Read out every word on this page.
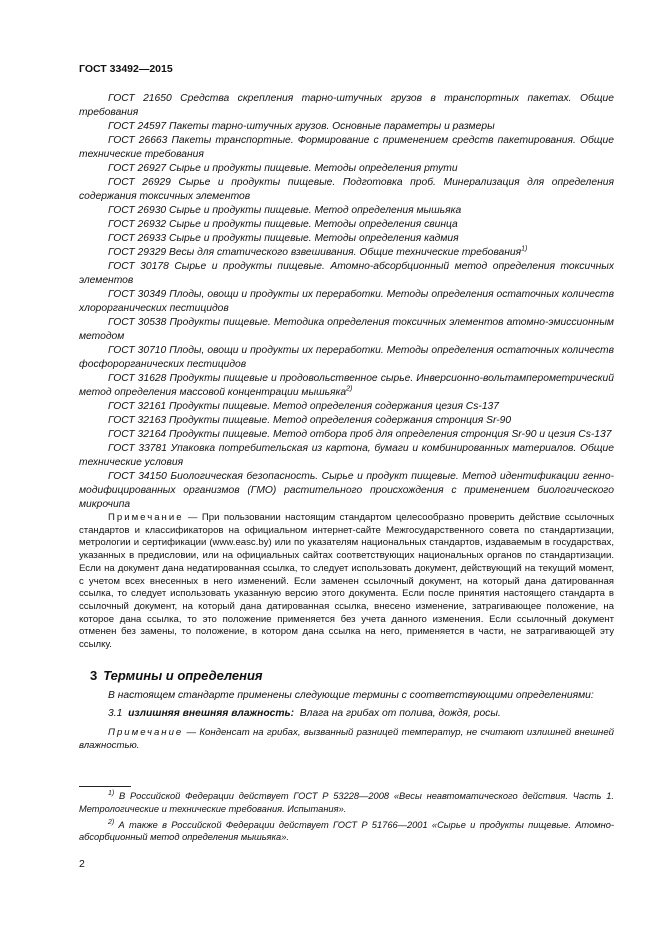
ГОСТ 33492—2015

ГОСТ 21650 Средства скрепления тарно-штучных грузов в транспортных пакетах. Общие требования

ГОСТ 24597 Пакеты тарно-штучных грузов. Основные параметры и размеры

ГОСТ 26663 Пакеты транспортные. Формирование с применением средств пакетирования. Общие технические требования

ГОСТ 26927 Сырье и продукты пищевые. Методы определения ртути

ГОСТ 26929 Сырье и продукты пищевые. Подготовка проб. Минерализация для определения содержания токсичных элементов

ГОСТ 26930 Сырье и продукты пищевые. Метод определения мышьяка

ГОСТ 26932 Сырье и продукты пищевые. Методы определения свинца

ГОСТ 26933 Сырье и продукты пищевые. Методы определения кадмия

ГОСТ 29329 Весы для статического взвешивания. Общие технические требования$^{1)}$

ГОСТ 30178 Сырье и продукты пищевые. Атомно-абсорбционный метод определения токсичных элементов

ГОСТ 30349 Плоды, овощи и продукты их переработки. Методы определения остаточных количеств хлорорганических пестицидов

ГОСТ 30538 Продукты пищевые. Методика определения токсичных элементов атомно-эмиссионным методом

ГОСТ 30710 Плоды, овощи и продукты их переработки. Методы определения остаточных количеств фосфорорганических пестицидов

ГОСТ 31628 Продукты пищевые и продовольственное сырье. Инверсионно-вольтамперометрический метод определения массовой концентрации мышьяка$^{2)}$

ГОСТ 32161 Продукты пищевые. Метод определения содержания цезия Cs-137

ГОСТ 32163 Продукты пищевые. Метод определения содержания стронция Sr-90

ГОСТ 32164 Продукты пищевые. Метод отбора проб для определения стронция Sr-90 и цезия Cs-137

ГОСТ 33781 Упаковка потребительская из картона, бумаги и комбинированных материалов. Общие технические условия

ГОСТ 34150 Биологическая безопасность. Сырье и продукт пищевые. Метод идентификации генно-модифицированных организмов (ГМО) растительного происхождения с применением биологического микрочипа

Примечание — При пользовании настоящим стандартом целесообразно проверить действие ссылочных стандартов и классификаторов на официальном интернет-сайте Межгосударственного совета по стандартизации, метрологии и сертификации (www.easc.by) или по указателям национальных стандартов, издаваемым в государствах, указанных в предисловии, или на официальных сайтах соответствующих национальных органов по стандартизации. Если на документ дана недатированная ссылка, то следует использовать документ, действующий на текущий момент, с учетом всех внесенных в него изменений. Если заменен ссылочный документ, на который дана датированная ссылка, то следует использовать указанную версию этого документа. Если после принятия настоящего стандарта в ссылочный документ, на который дана датированная ссылка, внесено изменение, затрагивающее положение, на которое дана ссылка, то это положение применяется без учета данного изменения. Если ссылочный документ отменен без замены, то положение, в котором дана ссылка на него, применяется в части, не затрагивающей эту ссылку.

3 Термины и определения

В настоящем стандарте применены следующие термины с соответствующими определениями:

3.1 излишняя внешняя влажность: Влага на грибах от полива, дождя, росы.

Примечание — Конденсат на грибах, вызванный разницей температур, не считают излишней внешней влажностью.

$^{1)}$ В Российской Федерации действует ГОСТ Р 53228—2008 «Весы неавтоматического действия. Часть 1. Метрологические и технические требования. Испытания».

$^{2)}$ А также в Российской Федерации действует ГОСТ Р 51766—2001 «Сырье и продукты пищевые. Атомно-абсорбционный метод определения мышьяка».

2
